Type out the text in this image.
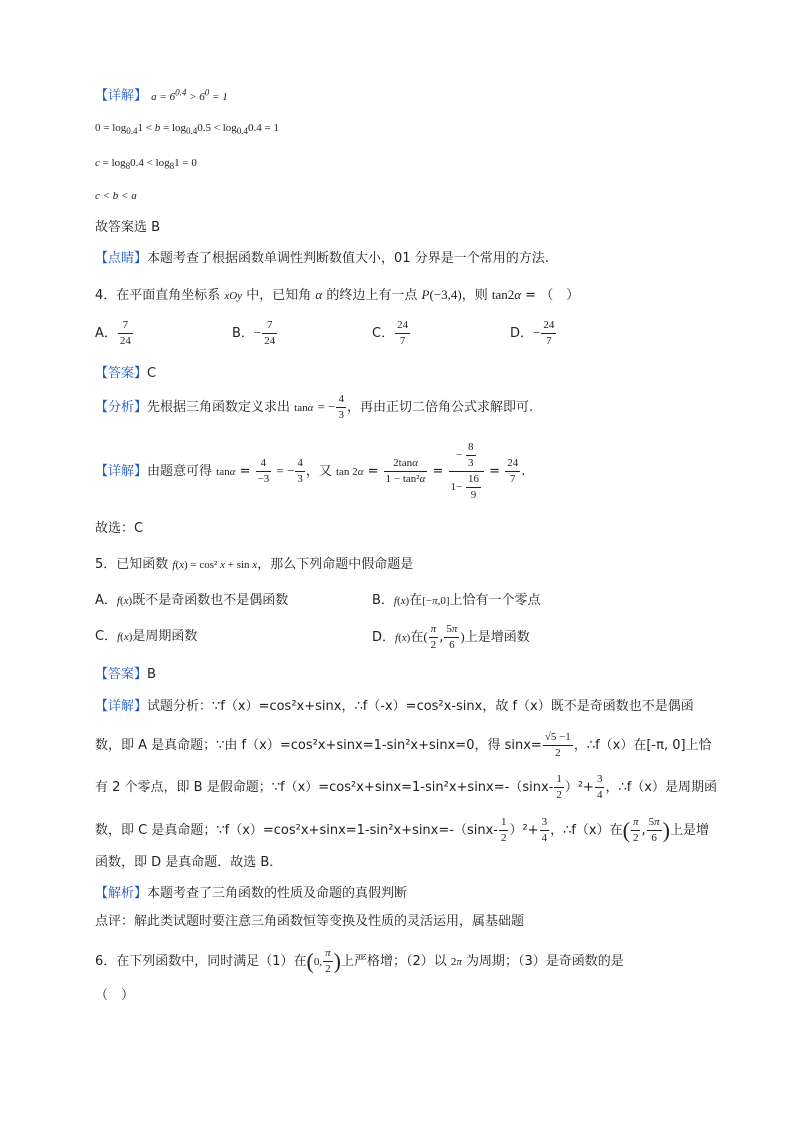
【详解】 $a = 6^{0.4} > 6^0 = 1$
$0 = \log_{0.4}1 < b = \log_{0.4}0.5 < \log_{0.4}0.4 = 1$
$c = \log_80.4 < \log_81 = 0$
c < b < a
故答案选 B
【点睛】本题考查了根据函数单调性判断数值大小，01 分界是一个常用的方法.
4．在平面直角坐标系 xOy 中，已知角 α 的终边上有一点 P(−3,4)，则 tan2α = （　）
A． $\frac{7}{24}$	B．− $\frac{7}{24}$	C． $\frac{24}{7}$	D．− $\frac{24}{7}$
【答案】C
【分析】先根据三角函数定义求出 tanα = − $\frac{4}{3}$ ，再由正切二倍角公式求解即可.
【详解】由题意可得 $\tan\alpha = \frac{4}{-3}$ = − $\frac{4}{3}$ ，又 $\tan 2\alpha = \frac{2\tan\alpha}{\text{1 − tan²α}} = \frac{- \frac{8}{3}}{1- \frac{16}{9}} = \frac{24}{7}$ .
故选：C
5．已知函数 f(x) = cos² x + sin x，那么下列命题中假命题是
A．f(x)既不是奇函数也不是偶函数	B．f(x)在[−π,0]上恰有一个零点
C．f(x)是周期函数	D．f(x)在( $\frac{\pi}{2}$ , $\frac{5\pi}{6}$ )上是增函数
【答案】B
【详解】试题分析：∵f（x）=cos²x+sinx，∴f（-x）=cos²x-sinx，故 f（x）既不是奇函数也不是偶函
数，即 A 是真命题；∵由 f（x）=cos²x+sinx=1-sin²x+sinx=0，得 $\sin x= \frac{√5 -1}{2}$ ，∴f（x）在[-π, 0]上恰
有 2 个零点，即 B 是假命题；∵f（x）=cos²x+sinx=1-sin²x+sinx=-（sinx- $\frac{1}{2} )^2+ \frac{3}{4}$ ，∴f（x）是周期函
数，即 C 是真命题；∵f（x）=cos²x+sinx=1-sin²x+sinx=-（sinx- $\frac{1}{2} )^2+ \frac{3}{4}$ ，∴f（x）在( $\frac{\pi}{2}$ , $\frac{5\pi}{6}$ )上是增
函数，即 D 是真命题．故选 B．
【解析】本题考查了三角函数的性质及命题的真假判断
点评：解此类试题时要注意三角函数恒等变换及性质的灵活运用，属基础题
6．在下列函数中，同时满足（1）在(0, $\frac{\pi}{2}$ )上严格增；（2）以 2π 为周期；（3）是奇函数的是
（　）
